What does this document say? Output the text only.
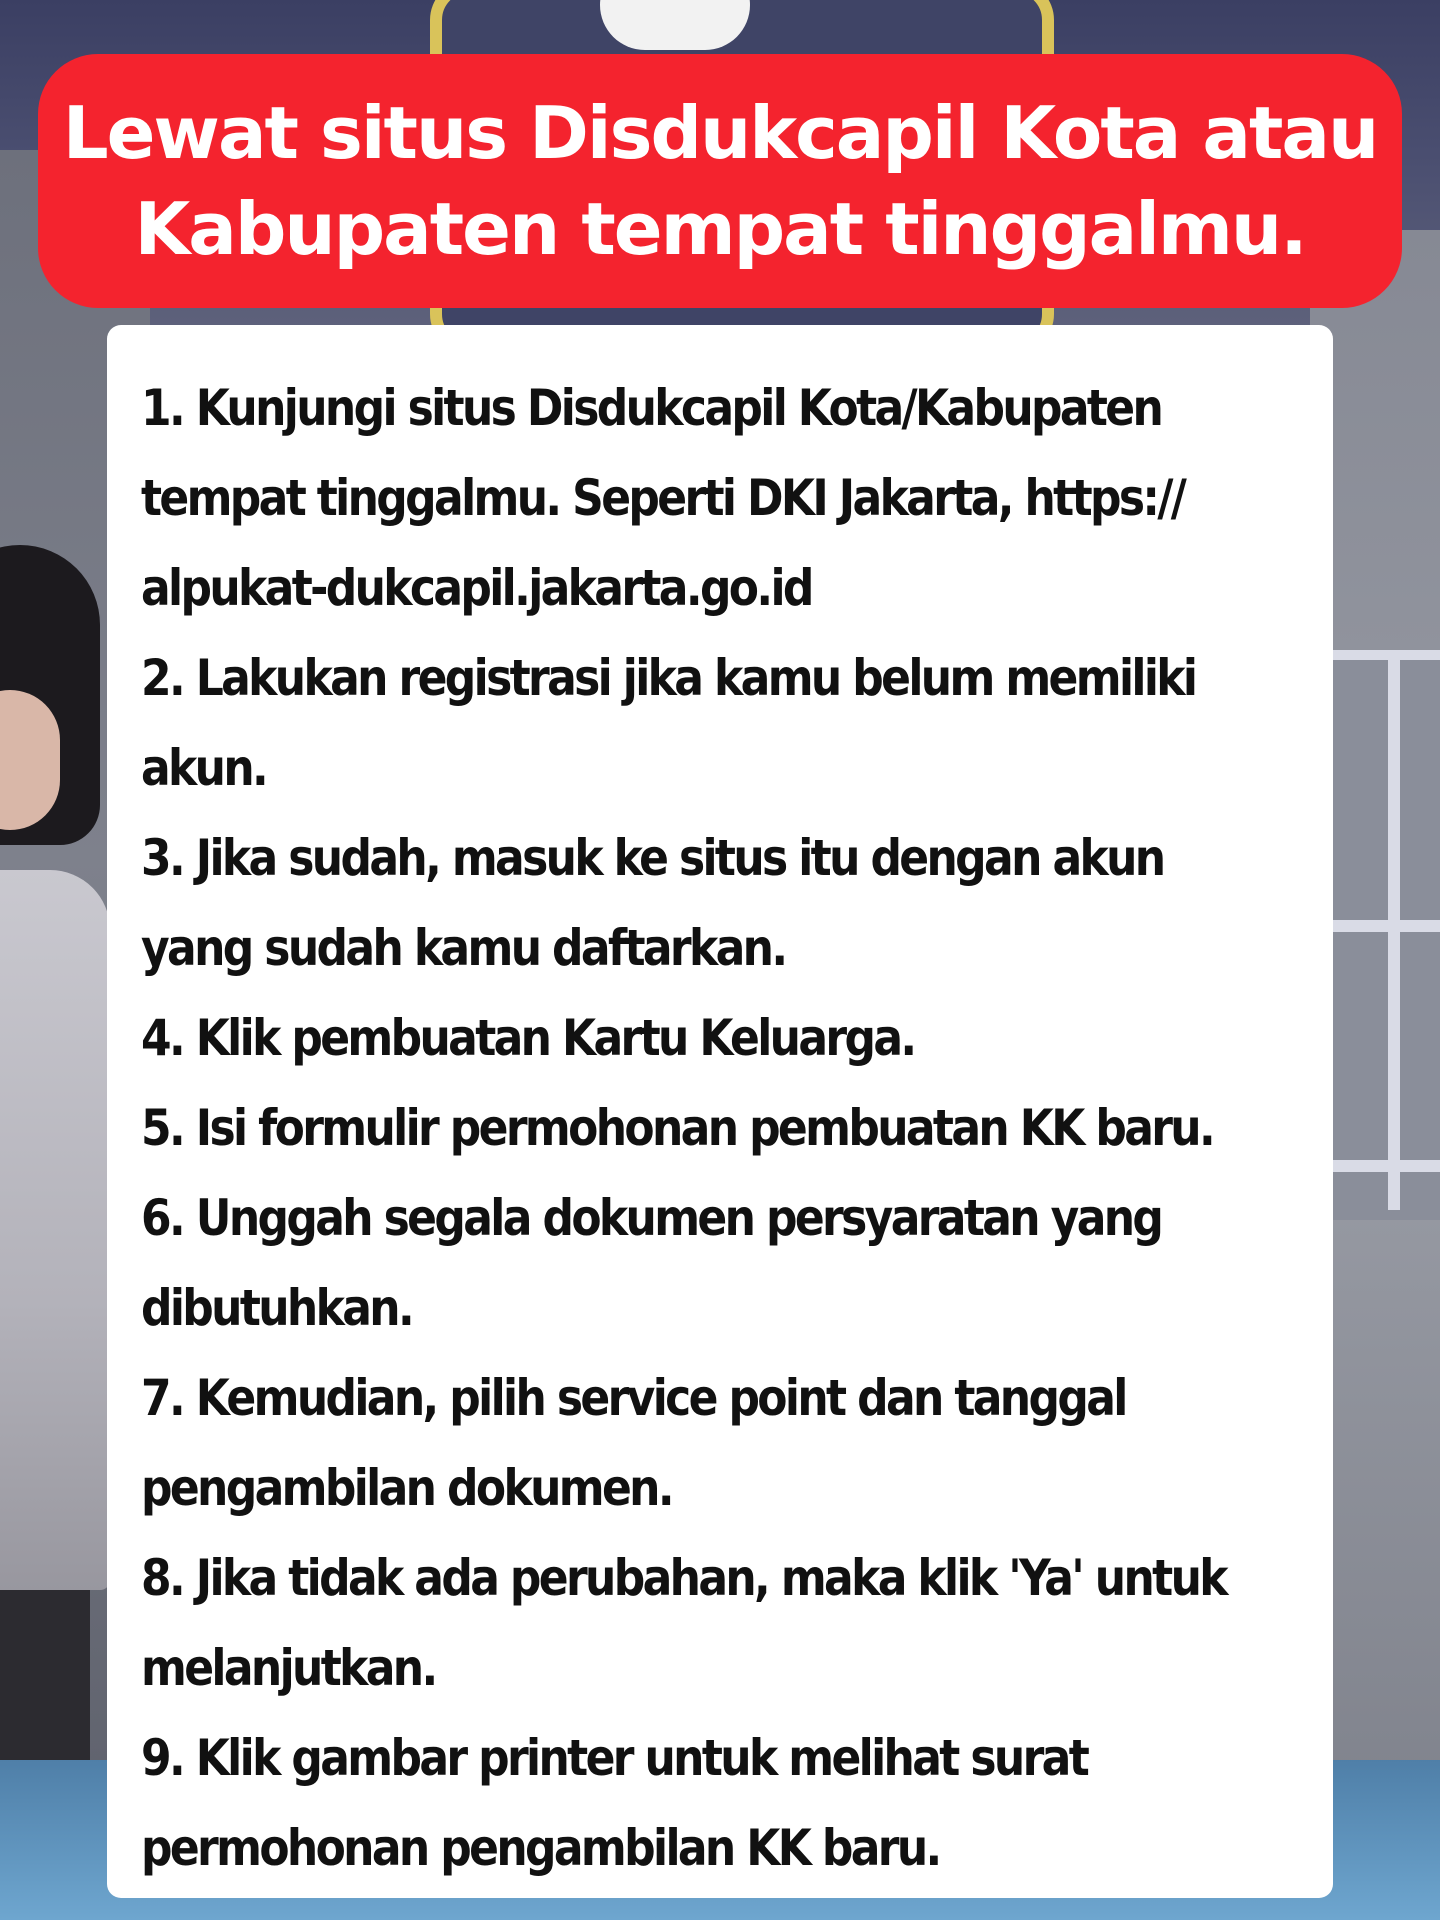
Lewat situs Disdukcapil Kota atau
Kabupaten tempat tinggalmu.
1. Kunjungi situs Disdukcapil Kota/Kabupaten
tempat tinggalmu. Seperti DKI Jakarta, https://
alpukat-dukcapil.jakarta.go.id
2. Lakukan registrasi jika kamu belum memiliki
akun.
3. Jika sudah, masuk ke situs itu dengan akun
yang sudah kamu daftarkan.
4. Klik pembuatan Kartu Keluarga.
5. Isi formulir permohonan pembuatan KK baru.
6. Unggah segala dokumen persyaratan yang
dibutuhkan.
7. Kemudian, pilih service point dan tanggal
pengambilan dokumen.
8. Jika tidak ada perubahan, maka klik 'Ya' untuk
melanjutkan.
9. Klik gambar printer untuk melihat surat
permohonan pengambilan KK baru.
